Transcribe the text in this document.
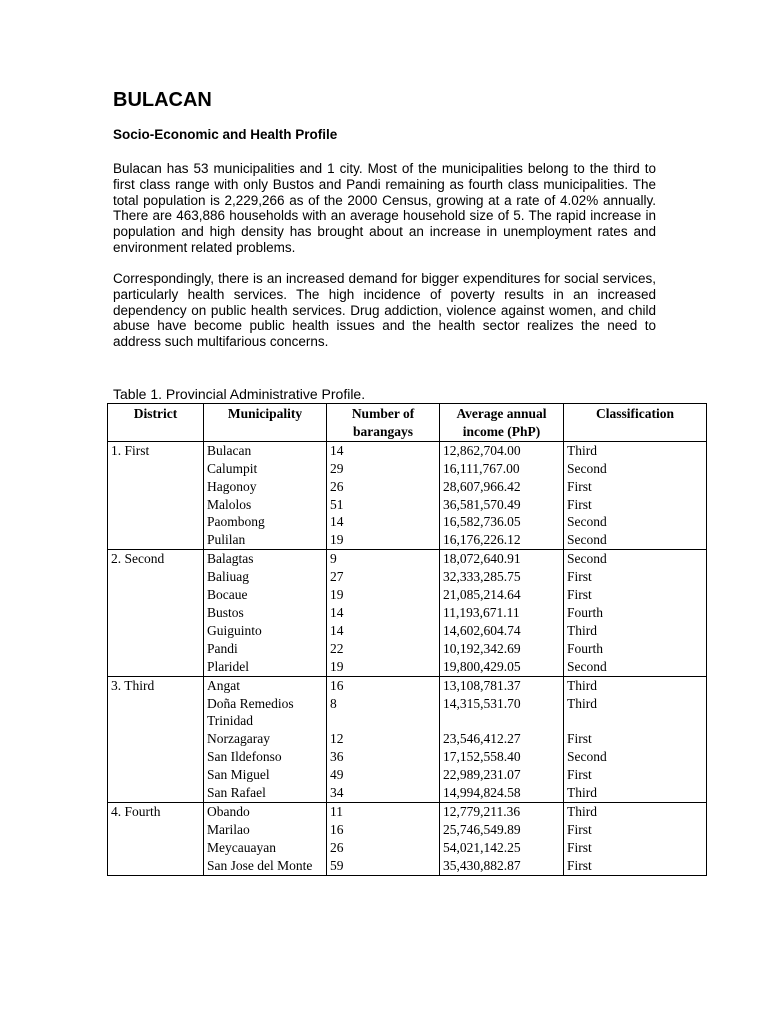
BULACAN
Socio-Economic and Health Profile

Bulacan has 53 municipalities and 1 city. Most of the municipalities belong to the third to first class range with only Bustos and Pandi remaining as fourth class municipalities. The total population is 2,229,266 as of the 2000 Census, growing at a rate of 4.02% annually. There are 463,886 households with an average household size of 5. The rapid increase in population and high density has brought about an increase in unemployment rates and environment related problems.

Correspondingly, there is an increased demand for bigger expenditures for social services, particularly health services. The high incidence of poverty results in an increased dependency on public health services. Drug addiction, violence against women, and child abuse have become public health issues and the health sector realizes the need to address such multifarious concerns.

Table 1. Provincial Administrative Profile.
District	Municipality	Number of barangays	Average annual income (PhP)	Classification
1. First	Bulacan	14	12,862,704.00	Third
	Calumpit	29	16,111,767.00	Second
	Hagonoy	26	28,607,966.42	First
	Malolos	51	36,581,570.49	First
	Paombong	14	16,582,736.05	Second
	Pulilan	19	16,176,226.12	Second
2. Second	Balagtas	9	18,072,640.91	Second
	Baliuag	27	32,333,285.75	First
	Bocaue	19	21,085,214.64	First
	Bustos	14	11,193,671.11	Fourth
	Guiguinto	14	14,602,604.74	Third
	Pandi	22	10,192,342.69	Fourth
	Plaridel	19	19,800,429.05	Second
3. Third	Angat	16	13,108,781.37	Third
	Doña Remedios Trinidad	8	14,315,531.70	Third
	Norzagaray	12	23,546,412.27	First
	San Ildefonso	36	17,152,558.40	Second
	San Miguel	49	22,989,231.07	First
	San Rafael	34	14,994,824.58	Third
4. Fourth	Obando	11	12,779,211.36	Third
	Marilao	16	25,746,549.89	First
	Meycauayan	26	54,021,142.25	First
	San Jose del Monte	59	35,430,882.87	First
